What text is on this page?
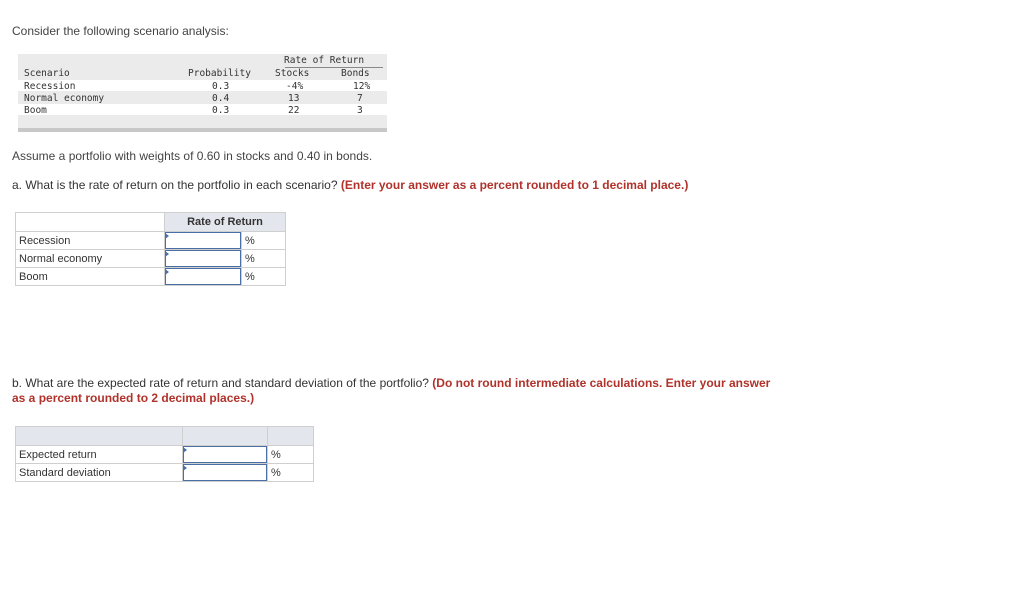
Consider the following scenario analysis:
Rate of Return
Scenario	Probability	Stocks	Bonds
Recession	0.3	-4%	12%
Normal economy	0.4	13	7
Boom	0.3	22	3
Assume a portfolio with weights of 0.60 in stocks and 0.40 in bonds.
a. What is the rate of return on the portfolio in each scenario? (Enter your answer as a percent rounded to 1 decimal place.)
	Rate of Return	
Recession		%
Normal economy		%
Boom		%
b. What are the expected rate of return and standard deviation of the portfolio? (Do not round intermediate calculations. Enter your answer as a percent rounded to 2 decimal places.)

Expected return		%
Standard deviation		%
